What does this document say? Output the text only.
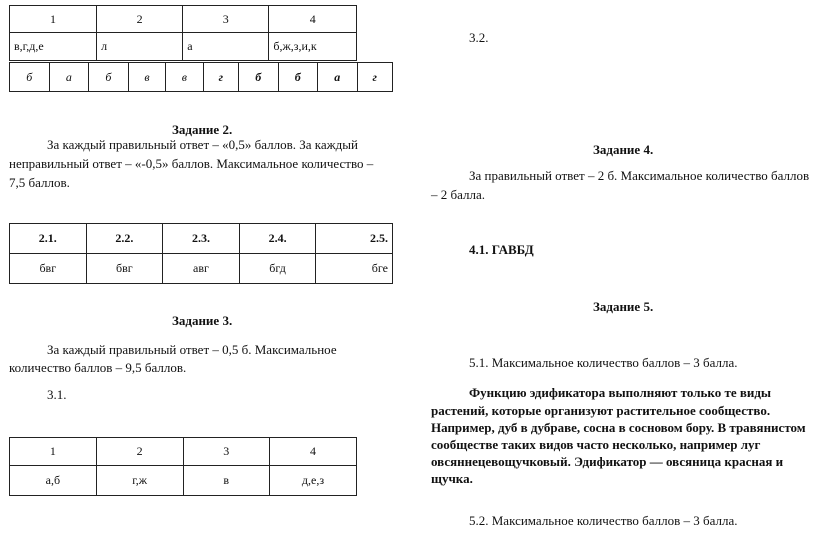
1	2	3	4
в,г,д,е	л	а	б,ж,з,и,к
б	а	б	в	в	г	б	б	а	г
Задание 2.
За каждый правильный ответ – «0,5» баллов. За каждый
неправильный ответ – «-0,5» баллов. Максимальное количество –
7,5 баллов.
2.1.	2.2.	2.3.	2.4.	2.5.
бвг	бвг	авг	бгд	бге
Задание 3.
За каждый правильный ответ – 0,5 б. Максимальное
количество баллов – 9,5 баллов.
3.1.
1	2	3	4
а,б	г,ж	в	д,е,з
3.2.
Задание 4.
За правильный ответ – 2 б. Максимальное количество баллов
– 2 балла.
4.1. ГАВБД
Задание 5.
5.1. Максимальное количество баллов – 3 балла.
Функцию эдификатора выполняют только те виды
растений, которые организуют растительное сообщество.
Например, дуб в дубраве, сосна в сосновом бору. В травянистом
сообществе таких видов часто несколько, например луг
овсяннецевощучковый. Эдификатор — овсяница красная и
щучка.
5.2. Максимальное количество баллов – 3 балла.
